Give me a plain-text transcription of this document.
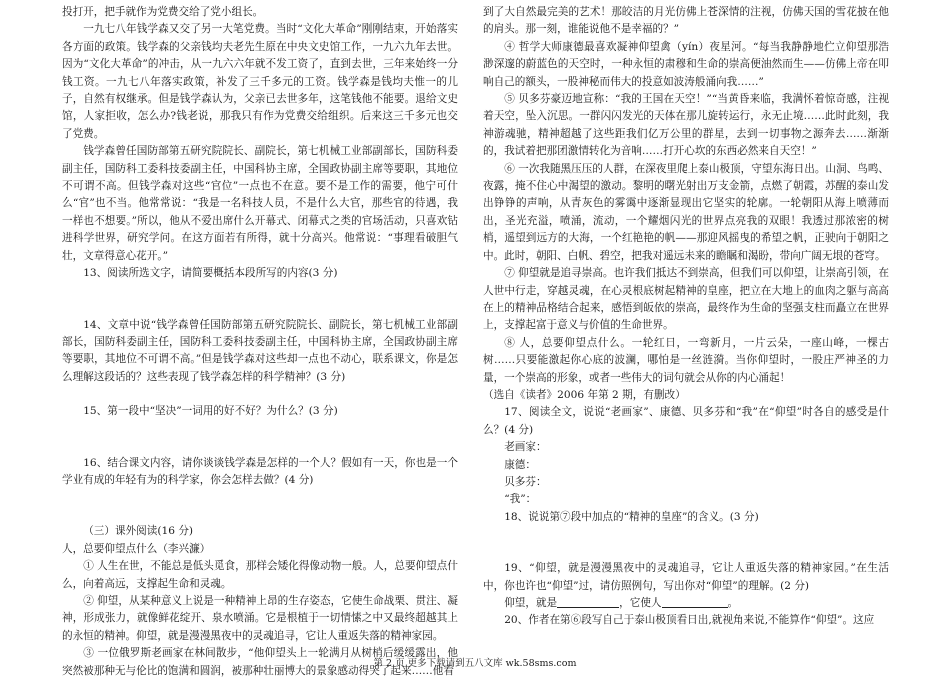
投打开，把手就作为党费交给了党小组长。

一九七八年钱学森又交了另一大笔党费。当时“文化大革命”刚刚结束，开始落实各方面的政策。钱学森的父亲钱均夫老先生原在中央文史馆工作，一九六九年去世。因为“文化大革命”的冲击，从一九六六年就不发工资了，直到去世，三年来始终一分钱工资。一九七八年落实政策，补发了三千多元的工资。钱学森是钱均夫惟一的儿子，自然有权继承。但是钱学森认为，父亲已去世多年，这笔钱他不能要。退给文史馆，人家拒收，怎么办?钱老说，那我只有作为党费交给组织。后来这三千多元也交了党费。

钱学森曾任国防部第五研究院院长、副院长，第七机械工业部副部长，国防科委副主任，国防科工委科技委副主任，中国科协主席，全国政协副主席等要职，其地位不可谓不高。但钱学森对这些“官位”一点也不在意。要不是工作的需要，他宁可什么“官”也不当。他常常说：“我是一名科技人员，不是什么大官，那些官的待遇，我一样也不想要。”所以，他从不爱出席什么开幕式、闭幕式之类的官场活动，只喜欢钻进科学世界，研究学问。在这方面若有所得，就十分高兴。他常说：“事理看破胆气壮，文章得意心花开。”

13、阅读所选文字，请简要概括本段所写的内容(3 分)

14、文章中说“钱学森曾任国防部第五研究院院长、副院长，第七机械工业部副部长，国防科委副主任，国防科工委科技委副主任，中国科协主席，全国政协副主席等要职，其地位不可谓不高。”但是钱学森对这些却一点也不动心，联系课文，你是怎么理解这段话的？这些表现了钱学森怎样的科学精神？(3 分)

15、第一段中“坚决”一词用的好不好？为什么？(3 分)

16、结合课文内容，请你谈谈钱学森是怎样的一个人？假如有一天，你也是一个学业有成的年轻有为的科学家，你会怎样去做？(4 分)

（三）课外阅读(16 分)

人，总要仰望点什么（李兴濂）

① 人生在世，不能总是低头觅食，那样会矮化得像动物一般。人，总要仰望点什么，向着高远，支撑起生命和灵魂。

② 仰望，从某种意义上说是一种精神上昂的生存姿态，它使生命战栗、贯注、凝神，形成张力，就像鲜花绽开、泉水喷涌。它是根植于一切情愫之中又最终超越其上的永恒的精神。仰望，就是漫漫黑夜中的灵魂追寻，它让人重返失落的精神家园。

③ 一位俄罗斯老画家在林间散步，“他仰望头上一轮满月从树梢后缓缓露出，他突然被那种无与伦比的饱满和圆润，被那种壮丽博大的景象感动得哭了起来……他看

到了大自然最完美的艺术！那皎洁的月光仿佛上苍深情的注视，仿佛天国的雪花披在他的肩头。那一刻，谁能说他不是幸福的？”

④ 哲学大师康德最喜欢凝神仰望禽（yín）夜星河。“每当我静静地伫立仰望那浩渺深邃的蔚蓝色的天空时，一种永恒的肃穆和生命的崇高便油然而生——仿佛上帝在叩响自己的额头，一股神秘而伟大的投意如波涛般涌向我……”

⑤ 贝多芬豪迈地宣称：“我的王国在天空！”“当黄昏来临，我满怀着惊奇感，注视着天空，坠入沉思。一群闪闪发光的天体在那儿旋转运行，永无止境……此时此刻，我神游魂驰，精神超越了这些距我们亿万公里的群星，去到一切事物之源奔去……渐渐的，我试着把那团激情转化为音响……打开心坎的东西必然来自天空！”

⑥ 一次我随黑压压的人群，在深夜里爬上泰山极顶，守望东海日出。山洞、鸟鸣、夜露，掩不住心中渴望的激动。黎明的曙光射出万支金箭，点燃了朝霞，苏醒的泰山发出铮铮的声响，从青灰色的雾霭中逐渐显现出它坚实的轮廓。一轮朝阳从海上喷薄而出，圣光充溢，喷涌，流动，一个耀烟闪光的世界点亮我的双眼！我透过那浓密的树梢，遥望到远方的大海，一个红艳艳的帆——那迎风摇曳的希望之帆，正驶向于朝阳之中。此时，朝阳、白帆、碧空，把我对遥远未来的瞻瞩和渴盼，带向广阔无垠的苍穹。

⑦ 仰望就是追寻崇高。也许我们抵达不到崇高，但我们可以仰望，让崇高引领，在人世中行走，穿越灵魂，在心灵根底树起精神的皇座，把立在大地上的血肉之躯与高高在上的精神品格结合起来，感悟到皈依的崇高，最终作为生命的坚强支柱而矗立在世界上，支撑起富于意义与价值的生命世界。

⑧ 人，总要仰望点什么。一轮红日，一弯新月，一片云朵，一座山峰，一棵古树……只要能激起你心底的波澜，哪怕是一丝涟漪。当你仰望时，一股庄严神圣的力量，一个崇高的形象，或者一些伟大的词句就会从你的内心涌起！

（选自《读者》2006 年第 2 期，有删改）

17、阅读全文，说说“老画家”、康德、贝多芬和“我”在“仰望”时各自的感受是什么？(4 分)

老画家：

康德：

贝多芬：

“我”：

18、说说第⑦段中加点的“精神的皇座”的含义。(3 分)

19、“仰望，就是漫漫黑夜中的灵魂追寻，它让人重返失落的精神家园。”在生活中，你也许也“仰望”过，请仿照例句，写出你对“仰望”的理解。(2 分)

仰望，就是	，它使人	。

20、作者在第⑥段写自己于泰山极顶看日出,就视角来说,不能算作“仰望”。这应

第 2 页 更多下载请到五八文库 wk.58sms.com
